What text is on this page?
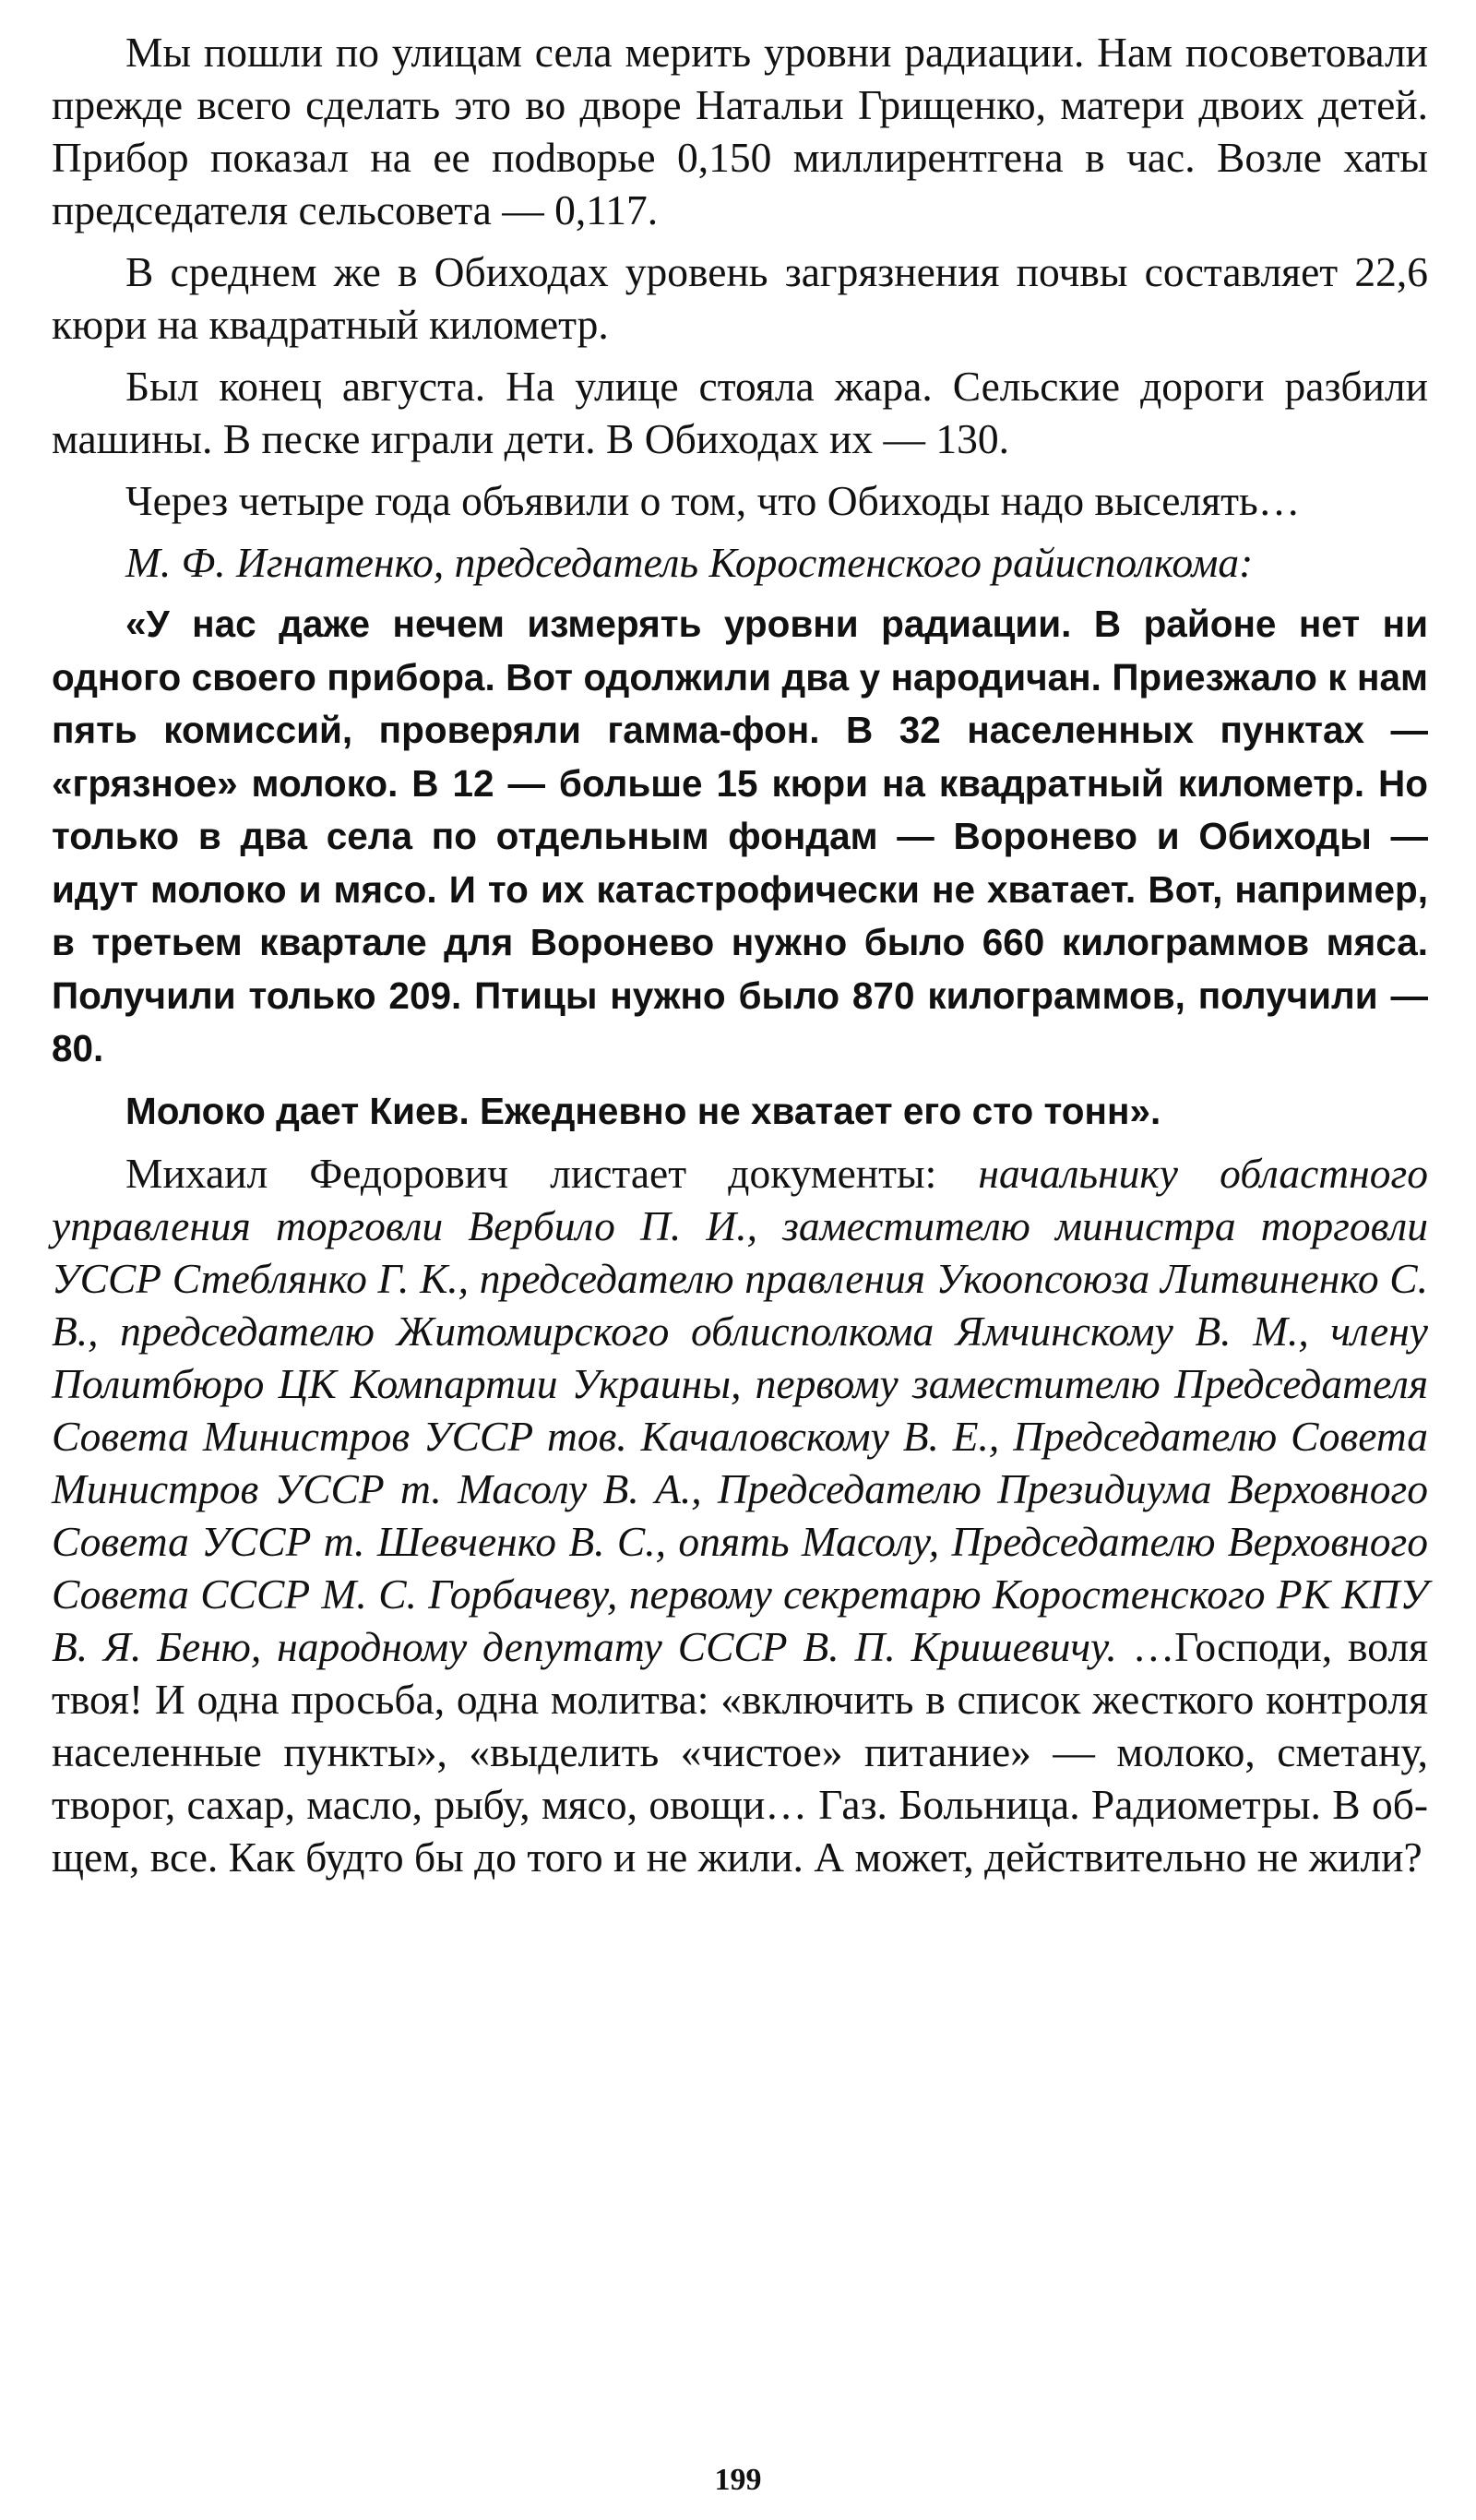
Мы пошли по улицам села мерить уровни радиации. Нам посоветовали прежде всего сделать это во дворе Натальи Грищенко, матери двоих детей. Прибор показал на ее поdворье 0,150 миллирентгена в час. Возле хаты председателя сельсовета — 0,117.

В среднем же в Обиходах уровень загрязнения почвы составляет 22,6 кюри на квадратный километр.

Был конец августа. На улице стояла жара. Сельские дороги разбили машины. В песке играли дети. В Обиходах их — 130.

Через четыре года объявили о том, что Обиходы надо выселять…

М. Ф. Игнатенко, председатель Коростенского райисполкома:

«У нас даже нечем измерять уровни радиации. В районе нет ни одного своего прибора. Вот одолжили два у народичан. Приезжало к нам пять комиссий, проверяли гамма-фон. В 32 населенных пунктах — «грязное» молоко. В 12 — больше 15 кюри на квадратный километр. Но только в два села по отдельным фондам — Воронево и Обиходы — идут молоко и мясо. И то их катастрофически не хватает. Вот, например, в третьем квартале для Воронево нужно было 660 килограммов мяса. Получили только 209. Птицы нужно было 870 килограммов, получили — 80.

Молоко дает Киев. Ежедневно не хватает его сто тонн».

Михаил Федорович листает документы: начальнику областного управления торговли Вербило П. И., заместителю министра торговли УССР Стеблянко Г. К., председателю правления Укоопсоюза Литвиненко С. В., председателю Житомирского облисполкома Ямчинскому В. М., члену Политбюро ЦК Компартии Украины, первому заместителю Председателя Совета Министров УССР тов. Качаловскому В. Е., Председателю Совета Министров УССР т. Масолу В. А., Председателю Президиума Верховного Совета УССР т. Шевченко В. С., опять Масолу, Председателю Верховного Совета СССР М. С. Горбачеву, первому секретарю Коростенского РК КПУ В. Я. Беню, народному депутату СССР В. П. Кришевичу. …Господи, воля твоя! И одна просьба, одна молитва: «включить в список жесткого контроля населенные пункты», «выделить «чистое» питание» — молоко, сметану, творог, сахар, масло, рыбу, мясо, овощи… Газ. Больница. Радиометры. В общем, все. Как будто бы до того и не жили. А может, действительно не жили?

199
